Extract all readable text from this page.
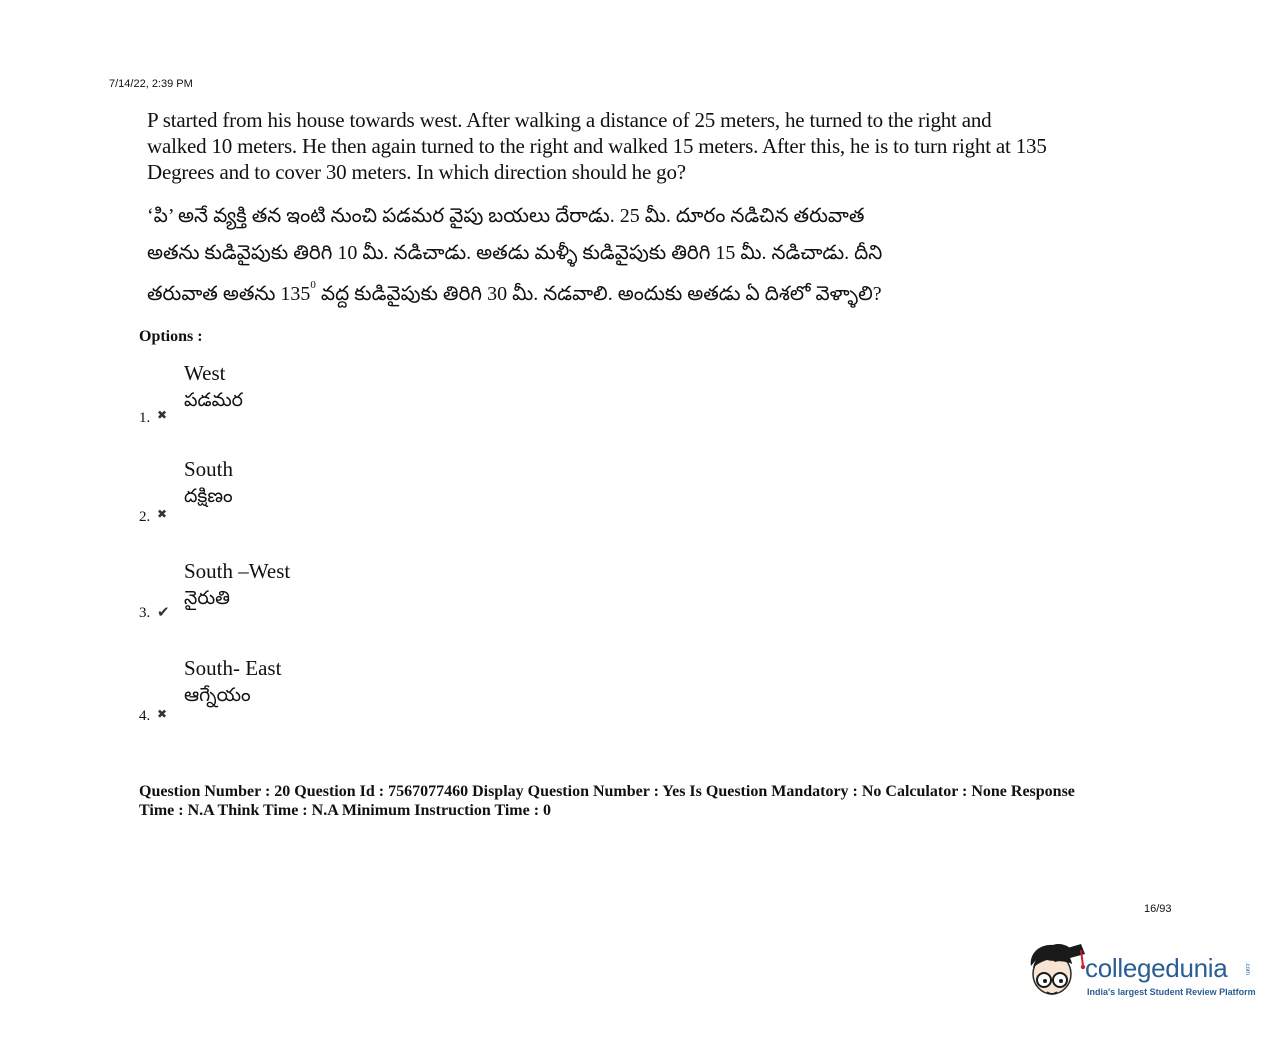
7/14/22, 2:39 PM
P started from his house towards west. After walking a distance of 25 meters, he turned to the right and walked 10 meters. He then again turned to the right and walked 15 meters. After this, he is to turn right at 135 Degrees and to cover 30 meters. In which direction should he go?
‘పి’ అనే వ్యక్తి తన ఇంటి నుంచి పడమర వైపు బయలు దేరాడు. 25 మీ. దూరం నడిచిన తరువాత
అతను కుడివైపుకు తిరిగి 10 మీ. నడిచాడు. అతడు మళ్ళీ కుడివైపుకు తిరిగి 15 మీ. నడిచాడు. దీని
తరువాత అతను $135^0$ వద్ద కుడివైపుకు తిరిగి 30 మీ. నడవాలి. అందుకు అతడు ఏ దిశలో వెళ్ళాలి?
Options :
West
పడమర
1. ✖
South
దక్షిణం
2. ✖
South –West
నైరుతి
3. ✔
South- East
ఆగ్నేయం
4. ✖
Question Number : 20 Question Id : 7567077460 Display Question Number : Yes Is Question Mandatory : No Calculator : None Response
Time : N.A Think Time : N.A Minimum Instruction Time : 0
16/93
collegedunia	.com
India's largest Student Review Platform
